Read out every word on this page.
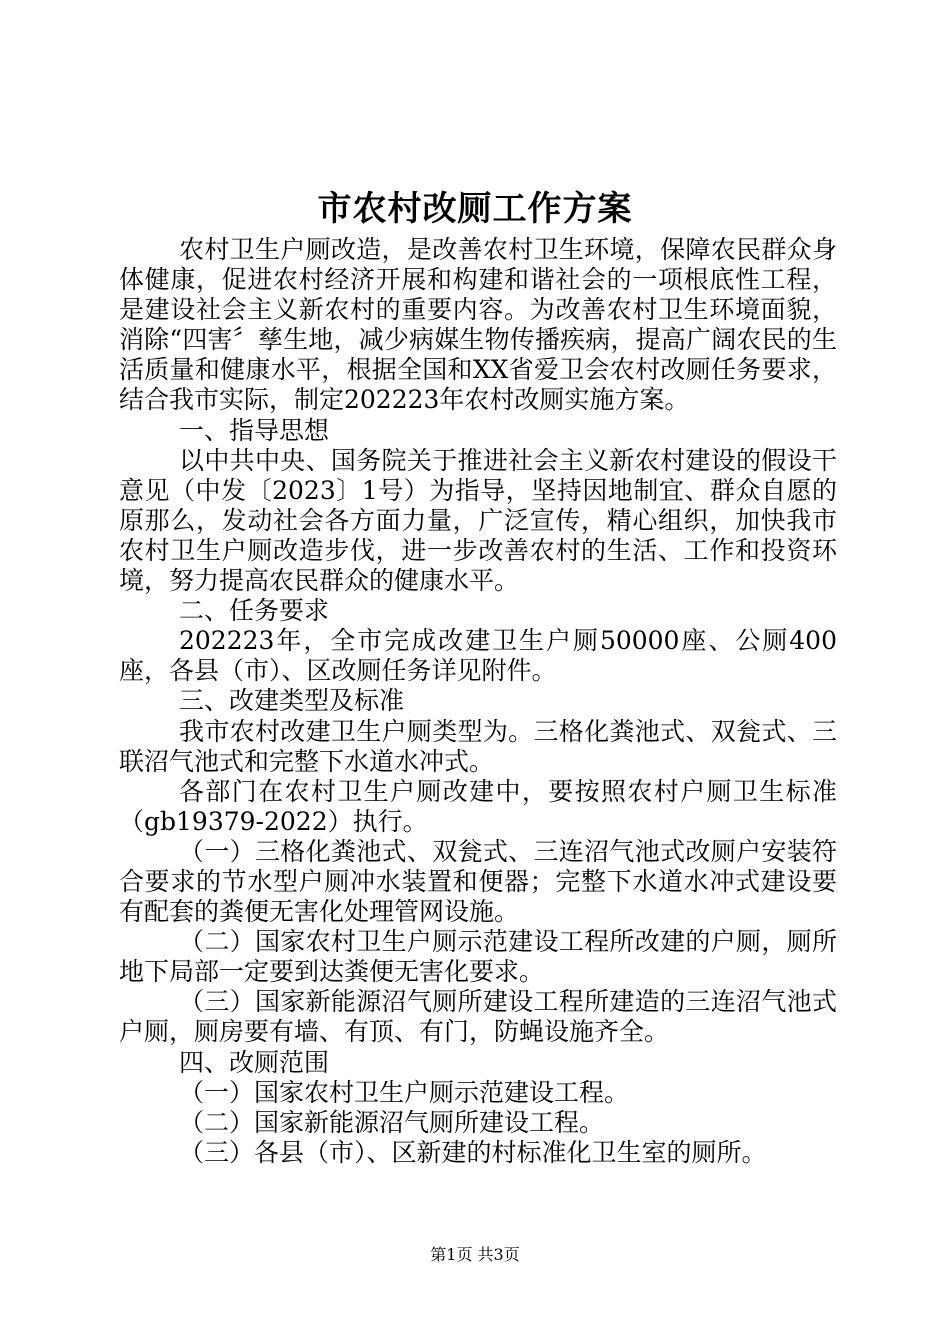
市农村改厕工作方案

农村卫生户厕改造，是改善农村卫生环境，保障农民群众身体健康，促进农村经济开展和构建和谐社会的一项根底性工程，是建设社会主义新农村的重要内容。为改善农村卫生环境面貌，消除“四害〞孳生地，减少病媒生物传播疾病，提高广阔农民的生活质量和健康水平，根据全国和XX省爱卫会农村改厕任务要求，结合我市实际，制定202223年农村改厕实施方案。

一、指导思想

以中共中央、国务院关于推进社会主义新农村建设的假设干意见（中发〔2023〕1号）为指导，坚持因地制宜、群众自愿的原那么，发动社会各方面力量，广泛宣传，精心组织，加快我市农村卫生户厕改造步伐，进一步改善农村的生活、工作和投资环境，努力提高农民群众的健康水平。

二、任务要求

202223年，全市完成改建卫生户厕50000座、公厕400座，各县（市）、区改厕任务详见附件。

三、改建类型及标准

我市农村改建卫生户厕类型为。三格化粪池式、双瓮式、三联沼气池式和完整下水道水冲式。

各部门在农村卫生户厕改建中，要按照农村户厕卫生标准（gb19379-2022）执行。

（一）三格化粪池式、双瓮式、三连沼气池式改厕户安装符合要求的节水型户厕冲水装置和便器；完整下水道水冲式建设要有配套的粪便无害化处理管网设施。

（二）国家农村卫生户厕示范建设工程所改建的户厕，厕所地下局部一定要到达粪便无害化要求。

（三）国家新能源沼气厕所建设工程所建造的三连沼气池式户厕，厕房要有墙、有顶、有门，防蝇设施齐全。

四、改厕范围

（一）国家农村卫生户厕示范建设工程。

（二）国家新能源沼气厕所建设工程。

（三）各县（市）、区新建的村标准化卫生室的厕所。

第1页 共3页
